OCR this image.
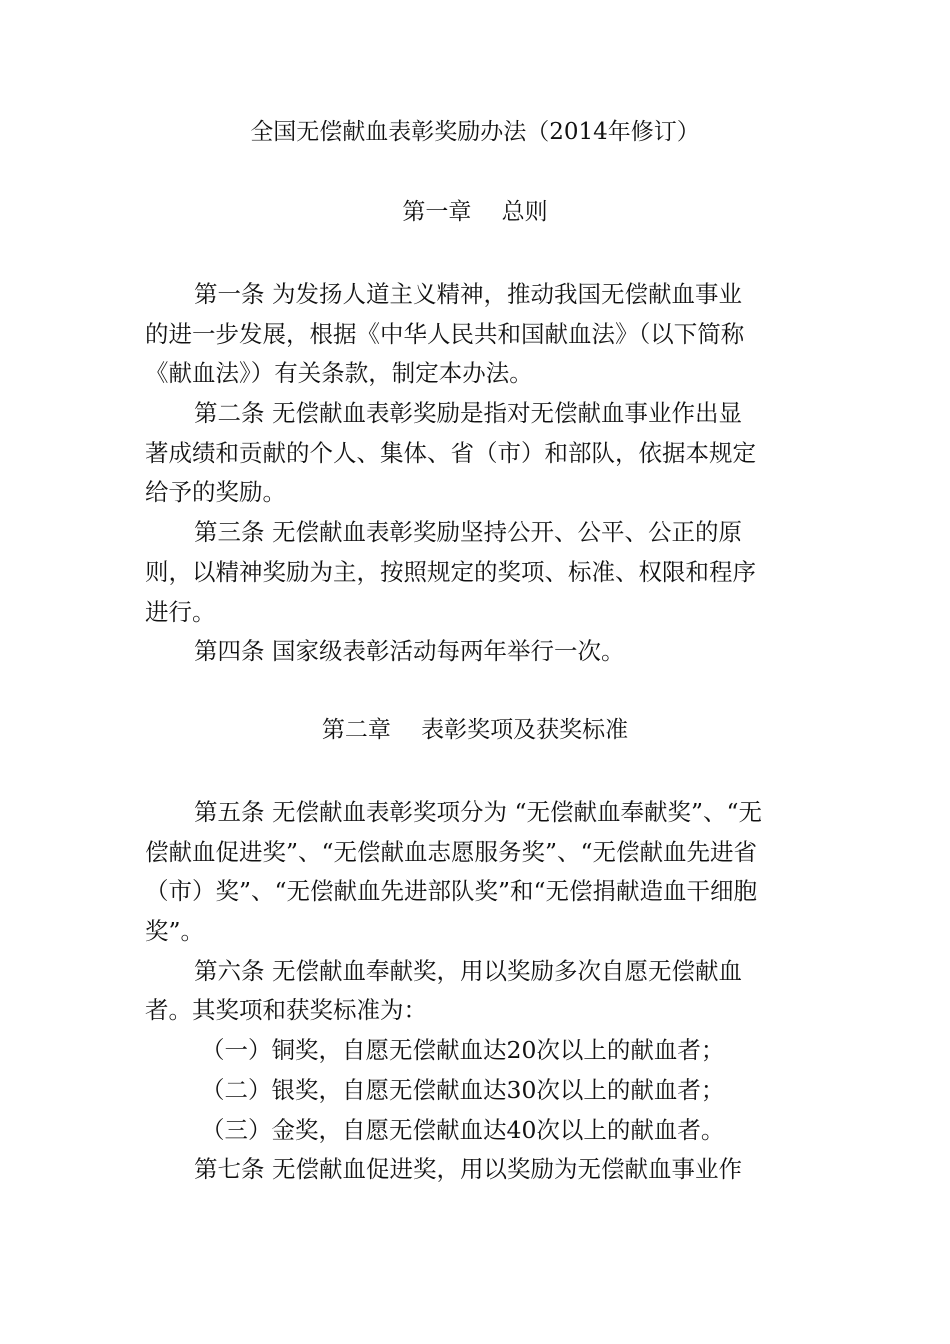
全国无偿献血表彰奖励办法（2014年修订）
第一章　 总则
第一条 为发扬人道主义精神，推动我国无偿献血事业
的进一步发展，根据《中华人民共和国献血法》（以下简称
《献血法》）有关条款，制定本办法。
第二条 无偿献血表彰奖励是指对无偿献血事业作出显
著成绩和贡献的个人、集体、省（市）和部队，依据本规定
给予的奖励。
第三条 无偿献血表彰奖励坚持公开、公平、公正的原
则，以精神奖励为主，按照规定的奖项、标准、权限和程序
进行。
第四条 国家级表彰活动每两年举行一次。
第二章　 表彰奖项及获奖标准
第五条 无偿献血表彰奖项分为 “无偿献血奉献奖”、“无
偿献血促进奖”、“无偿献血志愿服务奖”、“无偿献血先进省
（市）奖”、“无偿献血先进部队奖”和“无偿捐献造血干细胞
奖”。
第六条 无偿献血奉献奖，用以奖励多次自愿无偿献血
者。其奖项和获奖标准为：
（一）铜奖，自愿无偿献血达20次以上的献血者；
（二）银奖，自愿无偿献血达30次以上的献血者；
（三）金奖，自愿无偿献血达40次以上的献血者。
第七条 无偿献血促进奖，用以奖励为无偿献血事业作
